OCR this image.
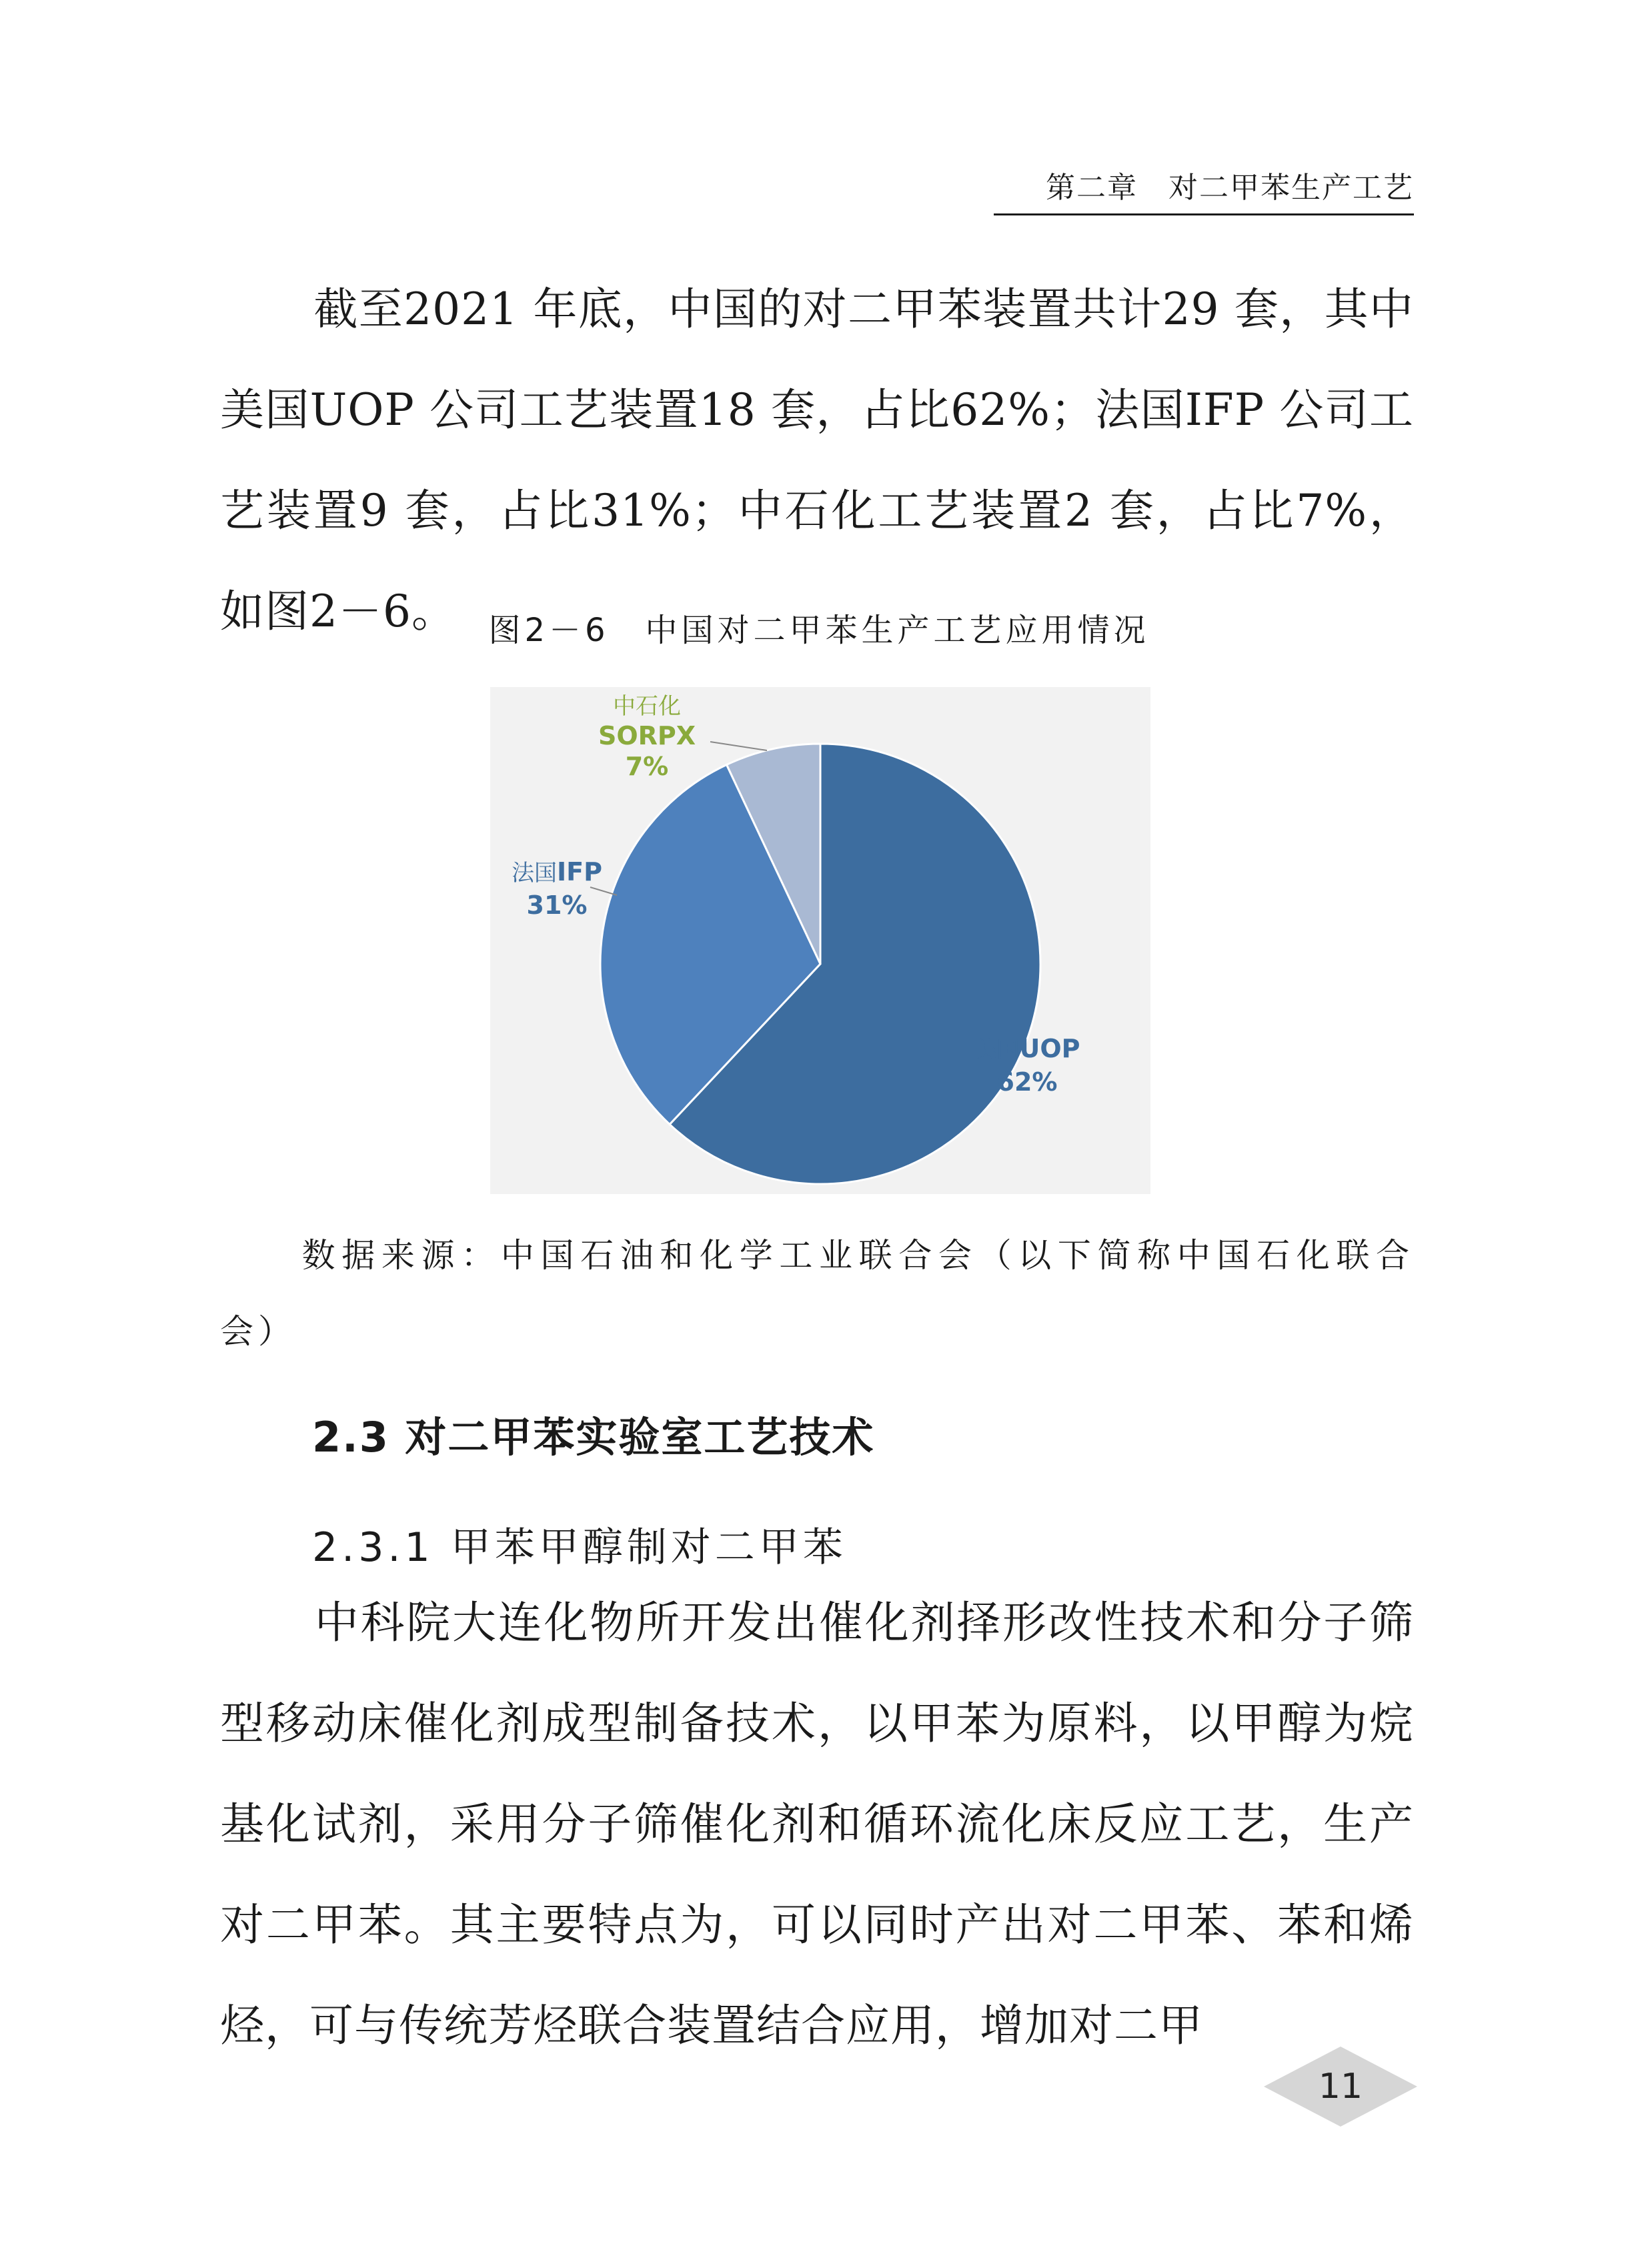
第二章　对二甲苯生产工艺

截至2021 年底，中国的对二甲苯装置共计29 套，其中美国UOP 公司工艺装置18 套，占比62%；法国IFP 公司工艺装置9 套，占比31%；中石化工艺装置2 套，占比7%，如图2－6。	图2－6　中国对二甲苯生产工艺应用情况
美国UOP 62%
法国IFP 31%
中石化 SORPX 7%
数据来源：中国石油和化学工业联合会（以下简称中国石化联合会）
2.3 对二甲苯实验室工艺技术
2.3.1 甲苯甲醇制对二甲苯

中科院大连化物所开发出催化剂择形改性技术和分子筛型移动床催化剂成型制备技术，以甲苯为原料，以甲醇为烷基化试剂，采用分子筛催化剂和循环流化床反应工艺，生产对二甲苯。其主要特点为，可以同时产出对二甲苯、苯和烯烃，可与传统芳烃联合装置结合应用，增加对二甲

11
